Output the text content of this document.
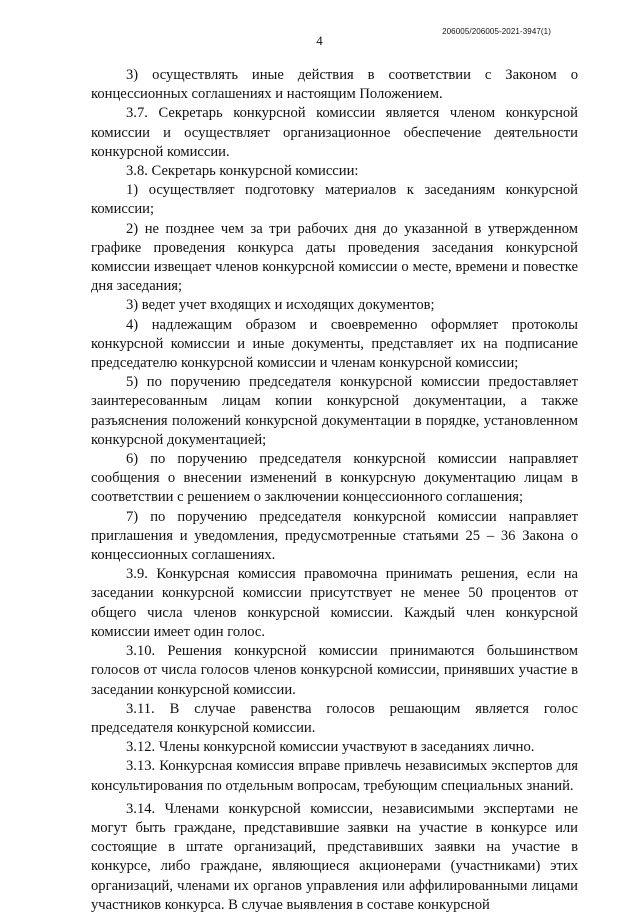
4
206005/206005-2021-3947(1)

3) осуществлять иные действия в соответствии с Законом о концессионных соглашениях и настоящим Положением.

3.7. Секретарь конкурсной комиссии является членом конкурсной комиссии и осуществляет организационное обеспечение деятельности конкурсной комиссии.

3.8. Секретарь конкурсной комиссии:

1) осуществляет подготовку материалов к заседаниям конкурсной комиссии;

2) не позднее чем за три рабочих дня до указанной в утвержденном графике проведения конкурса даты проведения заседания конкурсной комиссии извещает членов конкурсной комиссии о месте, времени и повестке дня заседания;

3) ведет учет входящих и исходящих документов;

4) надлежащим образом и своевременно оформляет протоколы конкурсной комиссии и иные документы, представляет их на подписание председателю конкурсной комиссии и членам конкурсной комиссии;

5) по поручению председателя конкурсной комиссии предоставляет заинтересованным лицам копии конкурсной документации, а также разъяснения положений конкурсной документации в порядке, установленном конкурсной документацией;

6) по поручению председателя конкурсной комиссии направляет сообщения о внесении изменений в конкурсную документацию лицам в соответствии с решением о заключении концессионного соглашения;

7) по поручению председателя конкурсной комиссии направляет приглашения и уведомления, предусмотренные статьями 25 – 36 Закона о концессионных соглашениях.

3.9. Конкурсная комиссия правомочна принимать решения, если на заседании конкурсной комиссии присутствует не менее 50 процентов от общего числа членов конкурсной комиссии. Каждый член конкурсной комиссии имеет один голос.

3.10. Решения конкурсной комиссии принимаются большинством голосов от числа голосов членов конкурсной комиссии, принявших участие в заседании конкурсной комиссии.

3.11. В случае равенства голосов решающим является голос председателя конкурсной комиссии.

3.12. Члены конкурсной комиссии участвуют в заседаниях лично.

3.13. Конкурсная комиссия вправе привлечь независимых экспертов для консультирования по отдельным вопросам, требующим специальных знаний.

3.14. Членами конкурсной комиссии, независимыми экспертами не могут быть граждане, представившие заявки на участие в конкурсе или состоящие в штате организаций, представивших заявки на участие в конкурсе, либо граждане, являющиеся акционерами (участниками) этих организаций, членами их органов управления или аффилированными лицами участников конкурса. В случае выявления в составе конкурсной
